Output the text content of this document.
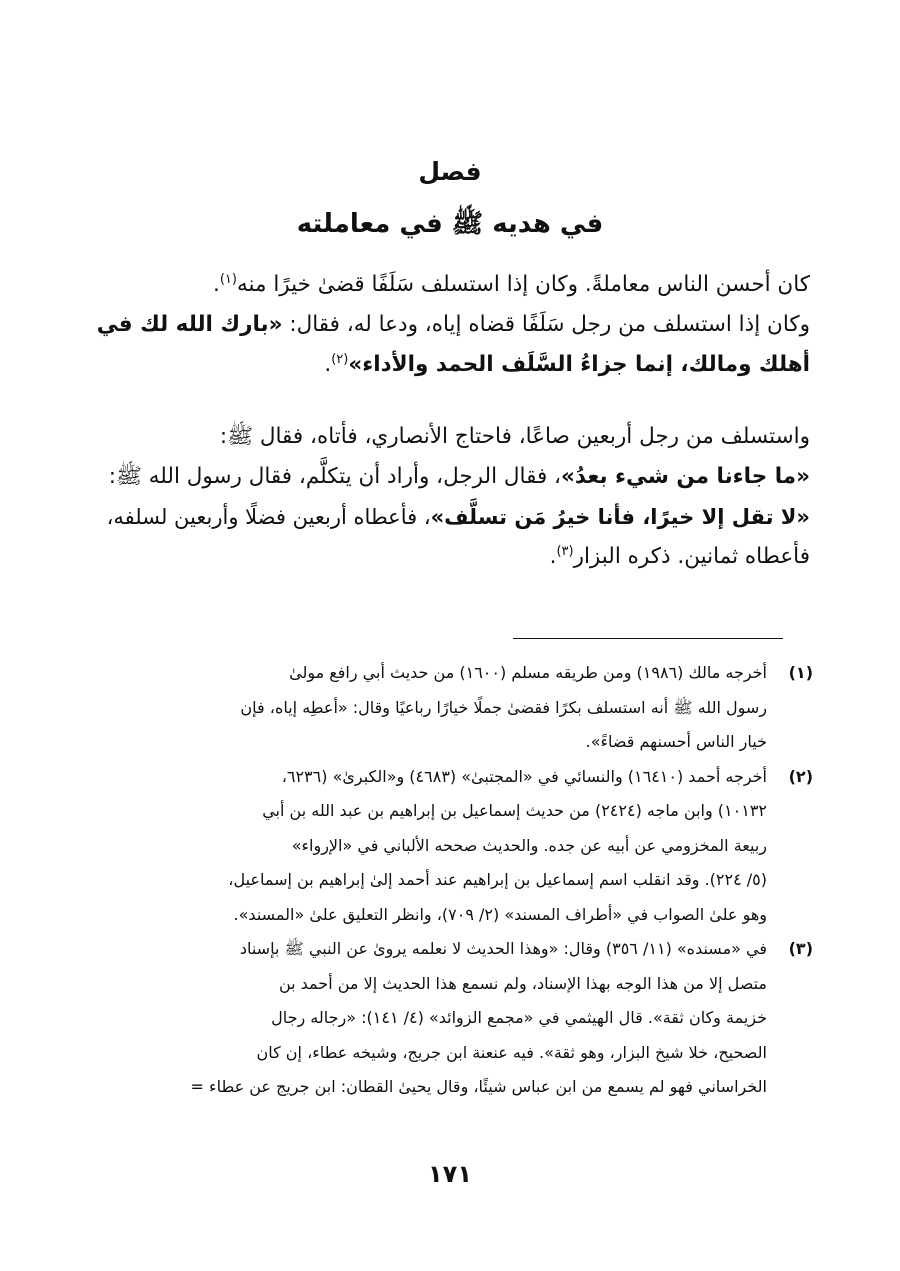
فصل
في هديه ﷺ في معاملته
كان أحسن الناس معاملةً. وكان إذا استسلف سَلَفًا قضىٰ خيرًا منه$^{(١)}$.
وكان إذا استسلف من رجل سَلَفًا قضاه إياه، ودعا له، فقال: «بارك الله لك في
أهلك ومالك، إنما جزاءُ السَّلَف الحمد والأداء»$^{(٢)}$.
واستسلف من رجل أربعين صاعًا، فاحتاج الأنصاري، فأتاه، فقال ﷺ:
«ما جاءنا من شيء بعدُ»، فقال الرجل، وأراد أن يتكلَّم، فقال رسول الله ﷺ:
«لا تقل إلا خيرًا، فأنا خيرُ مَن تسلَّف»، فأعطاه أربعين فضلًا وأربعين لسلفه،
فأعطاه ثمانين. ذكره البزار$^{(٣)}$.
(١)
أخرجه مالك (١٩٨٦) ومن طريقه مسلم (١٦٠٠) من حديث أبي رافع مولىٰ
رسول الله ﷺ أنه استسلف بكرًا فقضىٰ جملًا خيارًا رباعيًا وقال: «أعطِه إياه، فإن
خيار الناس أحسنهم قضاءً».
(٢)
أخرجه أحمد (١٦٤١٠) والنسائي في «المجتبىٰ» (٤٦٨٣) و«الكبرىٰ» (٦٢٣٦،
١٠١٣٢) وابن ماجه (٢٤٢٤) من حديث إسماعيل بن إبراهيم بن عبد الله بن أبي
ربيعة المخزومي عن أبيه عن جده. والحديث صححه الألباني في «الإرواء»
(٥/ ٢٢٤). وقد انقلب اسم إسماعيل بن إبراهيم عند أحمد إلىٰ إبراهيم بن إسماعيل،
وهو علىٰ الصواب في «أطراف المسند» (٢/ ٧٠٩)، وانظر التعليق علىٰ «المسند».
(٣)
في «مسنده» (١١/ ٣٥٦) وقال: «وهذا الحديث لا نعلمه يروىٰ عن النبي ﷺ بإسناد
متصل إلا من هذا الوجه بهذا الإسناد، ولم نسمع هذا الحديث إلا من أحمد بن
خزيمة وكان ثقة». قال الهيثمي في «مجمع الزوائد» (٤/ ١٤١): «رجاله رجال
الصحيح، خلا شيخ البزار، وهو ثقة». فيه عنعنة ابن جريج، وشيخه عطاء، إن كان
الخراساني فهو لم يسمع من ابن عباس شيئًا، وقال يحيىٰ القطان: ابن جريج عن عطاء =
١٧١
